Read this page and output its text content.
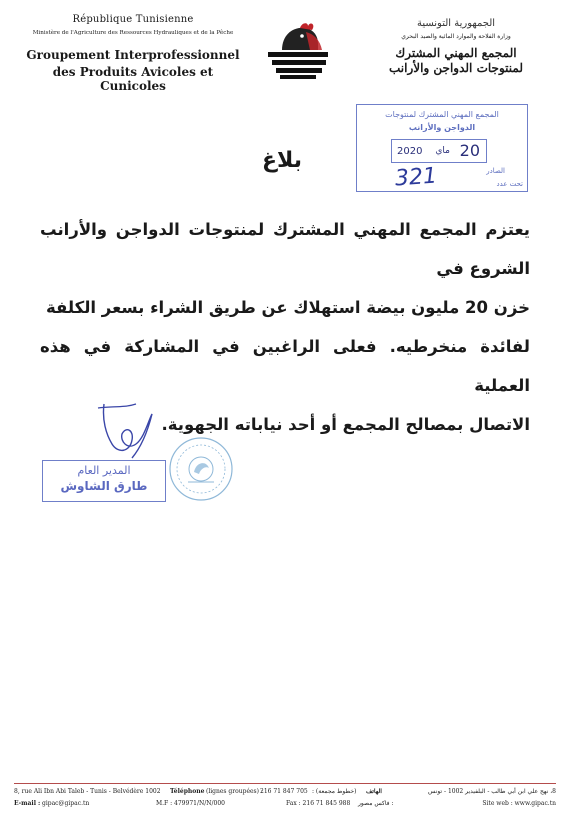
République Tunisienne
Ministère de l'Agriculture des Ressources Hydrauliques et de la Pêche
Groupement Interprofessionnel
des Produits Avicoles et Cunicoles
الجمهورية التونسية
وزارة الفلاحة والموارد المائية والصيد البحري
المجمع المهني المشترك
لمنتوجات الدواجن والأرانب
المجمع المهني المشترك لمنتوجات
الدواجن والأرانب
20
ماي
2020
الصادر
تحت عدد
321
بلاغ

يعتزم المجمع المهني المشترك لمنتوجات الدواجن والأرانب الشروع في

خزن 20 مليون بيضة استهلاك عن طريق الشراء بسعر الكلفة

لفائدة منخرطيه. فعلى الراغبين في المشاركة في هذه العملية

الاتصال بمصالح المجمع أو أحد نياباته الجهوية.

المدير العام
طارق الشاوش
8, rue Ali Ibn Abi Taleb - Tunis - Belvédère 1002 Téléphone (lignes groupées) :
216 71 847 705 (خطوط مجمعة) : الهاتف	8، نهج علي ابن أبي طالب - البلفيدير 1002 - تونس
E-mail : gipac@gipac.tn	M.F : 479971/N/N/000	Fax : 216 71 845 988 : فاكس مصور	Site web : www.gipac.tn
